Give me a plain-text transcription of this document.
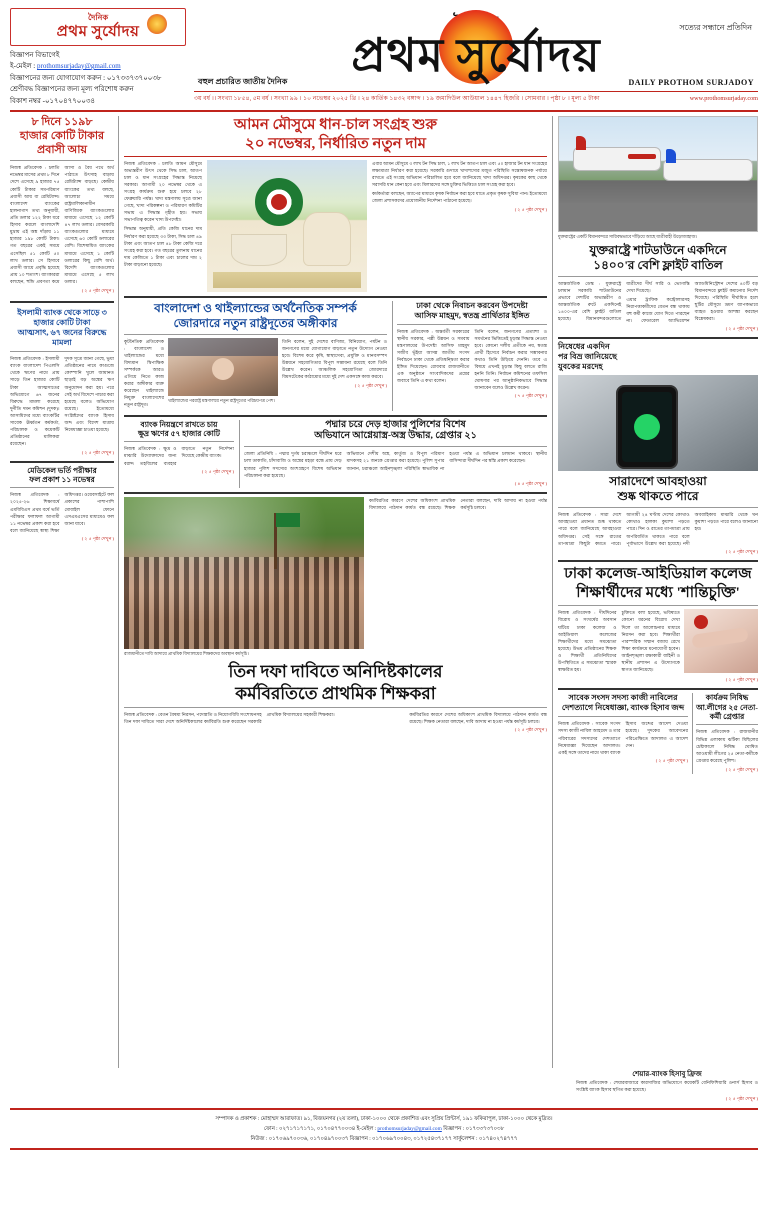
দৈনিক
প্রথম সুর্যোদয়
বিজ্ঞাপন বিভাগেই
ই-মেইল : prothomsurjaday@gmail.com
বিজ্ঞাপনের জন্য যোগাযোগ করুন : ০১৭৩৩৭৩৭০০৩৮
শ্রেণীবদ্ধ বিজ্ঞাপনের জন্য মূল্য পরিশোধ করুন
বিকাশ নম্বর -০১৭০৪৭৭০০৩৪
সত্যের সন্ধানে প্রতিদিন
প্রথম সুর্যোদয়
বহুল প্রচারিত জাতীয় দৈনিক	DAILY PROTHOM SURJADOY
৩য় বর্ষ ।। সংখ্যা ১৮৫৪, ৫ম বর্ষ । সংখ্যা ৯৯ । ১০ নভেম্বর ২০২৫ খ্রি । ২৪ কার্তিক ১৪৩২ বঙ্গাব্দ । ১৯ জমাদিউল আউয়াল ১৪৪৭ হিজরি । সোমবার । পৃষ্ঠা ৮ । মূল্য ৫ টাকা	www.prothomsurjaday.com
৮ দিনে ১১৯৮
হাজার কোটি টাকার
প্রবাসী আয়

নিজস্ব প্রতিবেদক : চলতি নভেম্বর মাসের প্রথম ৮ দিনে দেশে এসেছে ৯ হাজার ৭৫ কোটি টাকার সমপরিমাণ প্রবাসী আয় বা রেমিট্যান্স। বাংলাদেশ ব্যাংকের হালনাগাদ তথ্য অনুযায়ী, প্রতি ডলার ১২২ টাকা ধরে হিসাব করলে বাংলাদেশি মুদ্রায় এই অঙ্ক দাঁড়ায় ১১ হাজার ১৯৮ কোটি টাকা। গত বছরের একই সময়ে এসেছিল ৫১ কোটি ৫০ লাখ ডলার। সে হিসাবে প্রবাসী আয়ে প্রবৃদ্ধি হয়েছে প্রায় ১০ শতাংশ। ব্যাংকাররা বলছেন, হুন্ডি প্রবণতা কমে আসা ও বৈধ পথে অর্থ পাঠাতে উৎসাহ বাড়ায় রেমিট্যান্স বাড়ছে। কেন্দ্রীয় ব্যাংকের তথ্য বলছে, আলোচ্য সময়ে রাষ্ট্রমালিকানাধীন বাণিজ্যিক ব্যাংকগুলোর মাধ্যমে এসেছে ১২ কোটি ৪৭ লাখ ডলার। বেসরকারি ব্যাংকগুলোর মাধ্যমে এসেছে ৬০ কোটি ডলারের বেশি। বিশেষায়িত ব্যাংকের মাধ্যমে এসেছে ১ কোটি ডলারের কিছু বেশি অর্থ। বিদেশি ব্যাংকগুলোর মাধ্যমে এসেছে ৫ লাখ ডলার।

( ২ ৫ পৃষ্ঠা দেখুন )
ইসলামী ব্যাংক থেকে সাড়ে ৩ হাজার কোটি টাকা
আত্মসাৎ, ৬৭ জনের বিরুদ্ধে মামলা

নিজস্ব প্রতিবেদক : ইসলামী ব্যাংক বাংলাদেশ পিএলসি থেকে ঋণের নামে প্রায় সাড়ে তিন হাজার কোটি টাকা আত্মসাতের অভিযোগে ৬৭ জনের বিরুদ্ধে মামলা করেছে দুর্নীতি দমন কমিশন (দুদক)। আসামিদের মধ্যে ব্যাংকটির সাবেক ঊর্ধ্বতন কর্মকর্তা, পরিচালক ও কয়েকটি প্রতিষ্ঠানের মালিকরা রয়েছেন।

দুদক সূত্রে জানা গেছে, ভুয়া প্রতিষ্ঠানের নামে কাগুজে কোম্পানি খুলে জামানত ছাড়াই বড় অঙ্কের ঋণ অনুমোদন করা হয়। পরে সেই অর্থ বিদেশে পাচার করা হয়েছে বলেও অভিযোগ রয়েছে। ইতোমধ্যে সংশ্লিষ্টদের ব্যাংক হিসাব জব্দ এবং বিদেশ যাত্রায় নিষেধাজ্ঞা চাওয়া হয়েছে।

( ২ ৫ পৃষ্ঠা দেখুন )
মেডিকেল ভর্তি পরীক্ষার
ফল প্রকাশ ১১ নভেম্বর

নিজস্ব প্রতিবেদক : ২০২৫-২৬ শিক্ষাবর্ষে এমবিবিএস প্রথম বর্ষে ভর্তি পরীক্ষার ফলাফল আগামী ১১ নভেম্বর প্রকাশ করা হবে বলে জানিয়েছে স্বাস্থ্য শিক্ষা অধিদপ্তর। ওয়েবসাইটে ফল প্রকাশের পাশাপাশি মোবাইল ফোনে এসএমএসের মাধ্যমেও ফল জানা যাবে।

( ২ ৫ পৃষ্ঠা দেখুন )
আমন মৌসুমে ধান-চাল সংগ্রহ শুরু
২০ নভেম্বর, নির্ধারিত নতুন দাম

নিজস্ব প্রতিবেদক : চলতি আমন মৌসুমে অভ্যন্তরীণ উৎস থেকে সিদ্ধ চাল, আতপ চাল ও ধান সংগ্রহের সিদ্ধান্ত নিয়েছে সরকার। আগামী ২০ নভেম্বর থেকে এ সংগ্রহ কার্যক্রম শুরু হয়ে চলবে ২৮ ফেব্রুয়ারি পর্যন্ত। খাদ্য মন্ত্রণালয় সূত্রে জানা গেছে, খাদ্য পরিকল্পনা ও পরিধারণ কমিটির সভায় এ সিদ্ধান্ত গৃহীত হয়। সভায় সভাপতিত্ব করেন খাদ্য উপদেষ্টা।

সিদ্ধান্ত অনুযায়ী, প্রতি কেজি ধানের দাম নির্ধারণ করা হয়েছে ৩৩ টাকা, সিদ্ধ চাল ৪৯ টাকা এবং আতপ চাল ৪৮ টাকা কেজি দরে সংগ্রহ করা হবে। গত বছরের তুলনায় ধানের দাম কেজিতে ১ টাকা এবং চালের দাম ২ টাকা বাড়ানো হয়েছে।

এবার আমন মৌসুমে ৩ লাখ টন সিদ্ধ চাল, ১ লাখ টন আতপ চাল এবং ৫০ হাজার টন ধান সংগ্রহের লক্ষ্যমাত্রা নির্ধারণ করা হয়েছে। সরকারি গুদামে খাদ্যশস্যের মজুত পরিস্থিতি সন্তোষজনক পর্যায়ে রাখতে এই সংগ্রহ অভিযান পরিচালিত হবে বলে জানিয়েছে খাদ্য অধিদপ্তর। কৃষকের কাছ থেকে সরাসরি ধান কেনা হবে এবং মিলারদের সঙ্গে চুক্তির ভিত্তিতে চাল সংগ্রহ করা হবে।

কর্মকর্তারা বলছেন, অ্যাপের মাধ্যমে কৃষক নির্বাচন করা হবে যাতে প্রকৃত কৃষক সুবিধা পান। ইতোমধ্যে জেলা প্রশাসকদের প্রয়োজনীয় নির্দেশনা পাঠানো হয়েছে।

( ২ ৫ পৃষ্ঠা দেখুন )
বাংলাদেশ ও থাইল্যান্ডের অর্থনৈতিক সম্পর্ক
জোরদারে নতুন রাষ্ট্রদূতের অঙ্গীকার

কূটনৈতিক প্রতিবেদক : বাংলাদেশ ও থাইল্যান্ডের মধ্যে বিদ্যমান দ্বিপাক্ষিক সম্পর্ককে আরও এগিয়ে নিতে কাজ করার অঙ্গীকার ব্যক্ত করেছেন থাইল্যান্ডে নিযুক্ত বাংলাদেশের নতুন রাষ্ট্রদূত।

থাইল্যান্ডের পররাষ্ট্র মন্ত্রণালয়ে নতুন রাষ্ট্রদূতের পরিচয়পত্র পেশ।

তিনি বলেন, দুই দেশের বাণিজ্য, বিনিয়োগ, পর্যটন ও জনগণের মধ্যে যোগাযোগ বাড়াতে নতুন উদ্যোগ নেওয়া হবে। বিশেষ করে কৃষি, স্বাস্থ্যসেবা, প্রযুক্তি ও মানবসম্পদ উন্নয়নে সহযোগিতার বিপুল সম্ভাবনা রয়েছে বলে তিনি উল্লেখ করেন। আঞ্চলিক সহযোগিতা জোরদারে বিমসটেকের কাঠামোর মধ্যে দুই দেশ একসঙ্গে কাজ করবে।

( ২ ৫ পৃষ্ঠা দেখুন )
ঢাকা থেকে নিবাচন করবেন উপদেষ্টা
আসিফ মাহমুদ, স্বতন্ত্র প্রার্থিতার ইঙ্গিত

নিজস্ব প্রতিবেদক : অন্তর্বর্তী সরকারের স্থানীয় সরকার, পল্লী উন্নয়ন ও সমবায় মন্ত্রণালয়ের উপদেষ্টা আসিফ মাহমুদ সজীব ভূঁইয়া আসন্ন জাতীয় সংসদ নির্বাচনে ঢাকা থেকে প্রতিদ্বন্দ্বিতা করার ইঙ্গিত দিয়েছেন। রোববার রাজধানীতে এক অনুষ্ঠানে সাংবাদিকদের প্রশ্নের জবাবে তিনি এ কথা বলেন।

তিনি বলেন, জনগণের প্রত্যাশা ও সমর্থনের ভিত্তিতেই চূড়ান্ত সিদ্ধান্ত নেওয়া হবে। কোনো দলীয় প্রতীকে নয়, স্বতন্ত্র প্রার্থী হিসেবে নির্বাচন করার সম্ভাবনার কথাও তিনি উড়িয়ে দেননি। তবে এ বিষয়ে এখনই চূড়ান্ত কিছু বলতে রাজি হননি তিনি। নির্বাচন কমিশনের তফসিল ঘোষণার পর আনুষ্ঠানিকভাবে সিদ্ধান্ত জানাবেন বলেও উল্লেখ করেন।

( ৭ ৫ পৃষ্ঠা দেখুন )
ব্যাংক নিয়ন্ত্রণে রাখতে চায়
ক্ষুদ্র ঋণের ৫৭ হাজার কোটি

নিজস্ব প্রতিবেদক : ক্ষুদ্র ও মাঝারি উদ্যোক্তাদের জন্য বরাদ্দ তহবিলের ব্যবহার বাড়াতে নতুন নির্দেশনা দিয়েছে কেন্দ্রীয় ব্যাংক।

( ২ ৫ পৃষ্ঠা দেখুন )
পদ্মার চরে দেড় হাজার পুলিশের বিশেষ
অভিযানে আগ্নেয়াস্ত্র-অস্ত্র উদ্ধার, গ্রেপ্তার ২১

জেলা প্রতিনিধি : পদ্মার দুর্গম চরাঞ্চলে দীর্ঘদিন ধরে চলা ডাকাতি, চাঁদাবাজি ও অস্ত্রের মহড়া বন্ধে প্রায় দেড় হাজার পুলিশ সদস্যের অংশগ্রহণে বিশেষ অভিযান পরিচালনা করা হয়েছে।

অভিযানে দেশীয় অস্ত্র, কার্তুজ ও বিপুল পরিমাণ মাদকসহ ২১ জনকে গ্রেপ্তার করা হয়েছে। পুলিশ সুপার জানান, চরাঞ্চলে আইনশৃঙ্খলা পরিস্থিতি স্বাভাবিক না হওয়া পর্যন্ত এ অভিযান চলমান থাকবে। স্থানীয় বাসিন্দারা দীর্ঘদিন পর স্বস্তি প্রকাশ করেছেন।

( ৪ ৫ পৃষ্ঠা দেখুন )
রাজধানীতে দাবি আদায়ে প্রাথমিক বিদ্যালয়ের শিক্ষকদের অবস্থান কর্মসূচি।

কর্মবিরতির কারণে দেশের অধিকাংশ প্রাথমিক বিদ্যালয়ে পাঠদান কার্যত বন্ধ রয়েছে। শিক্ষক নেতারা বলছেন, দাবি আদায় না হওয়া পর্যন্ত কর্মসূচি চলবে।

তিন দফা দাবিতে অনিদিষ্টকালের
কর্মবিরতিতে প্রাথমিক শিক্ষকরা

নিজস্ব প্রতিবেদক : বেতন বৈষম্য নিরসন, পদোন্নতি ও নিয়োগবিধি সংশোধনসহ তিন দফা দাবিতে সারা দেশে অনির্দিষ্টকালের কর্মবিরতি শুরু করেছেন সরকারি প্রাথমিক বিদ্যালয়ের সহকারী শিক্ষকরা।	কর্মবিরতির কারণে দেশের অধিকাংশ প্রাথমিক বিদ্যালয়ে পাঠদান কার্যত বন্ধ রয়েছে। শিক্ষক নেতারা বলছেন, দাবি আদায় না হওয়া পর্যন্ত কর্মসূচি চলবে।

( ২ ৫ পৃষ্ঠা দেখুন )
যুক্তরাষ্ট্রের একটি বিমানবন্দরে সারিবদ্ধভাবে দাঁড়িয়ে আছে যাত্রীবাহী উড়োজাহাজ।
যুক্তরাষ্ট্রে শাটডাউনে একদিনে
১৪০০'র বেশি ফ্লাইট বাতিল

আন্তর্জাতিক ডেস্ক : যুক্তরাষ্ট্রে চলমান সরকারি শাটডাউনের প্রভাবে দেশটির অভ্যন্তরীণ ও আন্তর্জাতিক রুটে একদিনেই ১৪০০-এর বেশি ফ্লাইট বাতিল হয়েছে। বিমানবন্দরগুলোতে যাত্রীদের দীর্ঘ সারি ও ভোগান্তি দেখা দিয়েছে।

এয়ার ট্রাফিক কন্ট্রোলারসহ নিরাপত্তাকর্মীদের বেতন বন্ধ থাকায় বহু কর্মী কাজে যোগ দিতে পারছেন না। ফেডারেল অ্যাভিয়েশন অ্যাডমিনিস্ট্রেশন দেশের ৪০টি বড় বিমানবন্দরে ফ্লাইট কমানোর নির্দেশ দিয়েছে। পরিস্থিতি দীর্ঘায়িত হলে ছুটির মৌসুমে ভ্রমণ ব্যাপকভাবে ব্যাহত হওয়ার আশঙ্কা করছেন বিশ্লেষকরা।

( ২ ৫ পৃষ্ঠা দেখুন )
নিষেধের একদিন
পর বিভ্র জানিয়েছে
যুবকের মরদেহ
সারাদেশে আবহাওয়া
শুষ্ক থাকতে পারে

নিজস্ব প্রতিবেদক : সারা দেশে আবহাওয়া প্রধানত শুষ্ক থাকতে পারে বলে জানিয়েছে আবহাওয়া অধিদপ্তর। সেই সঙ্গে রাতের তাপমাত্রা কিছুটা কমতে পারে। আগামী ২৪ ঘণ্টায় দেশের কোথাও কোথাও হালকা কুয়াশা পড়তে পারে। দিন ও রাতের তাপমাত্রা প্রায় অপরিবর্তিত থাকতে পারে বলে পূর্বাভাসে উল্লেখ করা হয়েছে। নদী অববাহিকায় মাঝারি থেকে ঘন কুয়াশা পড়তে পারে বলেও জানানো হয়।

( ২ ৫ পৃষ্ঠা দেখুন )
ঢাকা কলেজ-আইডিয়াল কলেজ
শিক্ষার্থীদের মধ্যে 'শান্তিচুক্তি'

নিজস্ব প্রতিবেদক : দীর্ঘদিনের বিরোধ ও সংঘর্ষের অবসান ঘটিয়ে ঢাকা কলেজ ও আইডিয়াল কলেজের শিক্ষার্থীদের মধ্যে সমঝোতা হয়েছে। উভয় প্রতিষ্ঠানের শিক্ষক ও শিক্ষার্থী প্রতিনিধিদের উপস্থিতিতে এ সমঝোতা স্মারক স্বাক্ষরিত হয়।

চুক্তিতে বলা হয়েছে, ভবিষ্যতে কোনো ধরনের বিরোধ দেখা দিলে তা আলোচনার মাধ্যমে নিরসন করা হবে। শিক্ষার্থীরা পারস্পরিক সম্মান বজায় রেখে শিক্ষা কার্যক্রমে মনোযোগী হবেন। আইনশৃঙ্খলা রক্ষাকারী বাহিনী ও স্থানীয় প্রশাসন এ উদ্যোগকে স্বাগত জানিয়েছে।

( ২ ৫ পৃষ্ঠা দেখুন )
সাবেক সংসদ সদস্য কাজী নাবিলের
দেশত্যাগে নিষেধাজ্ঞা, ব্যাংক হিসাব জব্দ

নিজস্ব প্রতিবেদক : সাবেক সংসদ সদস্য কাজী নাবিল আহমেদ ও তার পরিবারের সদস্যদের দেশত্যাগে নিষেধাজ্ঞা দিয়েছেন আদালত। একই সঙ্গে তাদের নামে থাকা ব্যাংক হিসাব জব্দের আদেশ দেওয়া হয়েছে। দুদকের আবেদনের পরিপ্রেক্ষিতে আদালত এ আদেশ দেন।

( ২ ৫ পৃষ্ঠা দেখুন )
কার্যক্রম নিষিদ্ধ
আ.লীগের ২৫ নেতা-
কর্মী গ্রেপ্তার

নিজস্ব প্রতিবেদক : রাজধানীর বিভিন্ন এলাকায় ঝটিকা মিছিলের চেষ্টাকালে নিষিদ্ধ ঘোষিত আওয়ামী লীগের ২৫ নেতা-কর্মীকে গ্রেপ্তার করেছে পুলিশ।

( ২ ৫ পৃষ্ঠা দেখুন )
শেয়ার-ব্যাংক হিসাবু ফ্রিজ

নিজস্ব প্রতিবেদক : শেয়ারবাজারে কারসাজির অভিযোগে কয়েকটি বেনিফিশিয়ারি ওনার্স হিসাব ও সংশ্লিষ্ট ব্যাংক হিসাব স্থগিত করা হয়েছে।

( ২ ৫ পৃষ্ঠা দেখুন )
সম্পাদক ও প্রকাশক : মোহাম্মদ আরাফাত। ৯১, বিজয়নগর (২য় তলা), ঢাকা-১০০০ থেকে প্রকাশিত এবং সুপ্রিয় প্রিন্টার্স, ১৯১ ফকিরাপুল, ঢাকা-১০০০ থেকে মুদ্রিত।
ফোন : ০২৭১৭১৭১৭১, ০১৭০৪৭৭০০৩৪ ই-মেইল : prothomsurjaday@gmail.com বিজ্ঞাপন : ০১৭৩৩৭৩৭০৩৮
নিউজ : ০১৭০৬৯৭০০৩৬, ০১৭০৪৯৭০০৩৭ বিজ্ঞাপন : ০১৭০৬৯৭০০৪৩, ০১৭২৫৪৩৭১৭৭ সার্কুলেশন : ০১৭৪০২৭৪৭৭৭
